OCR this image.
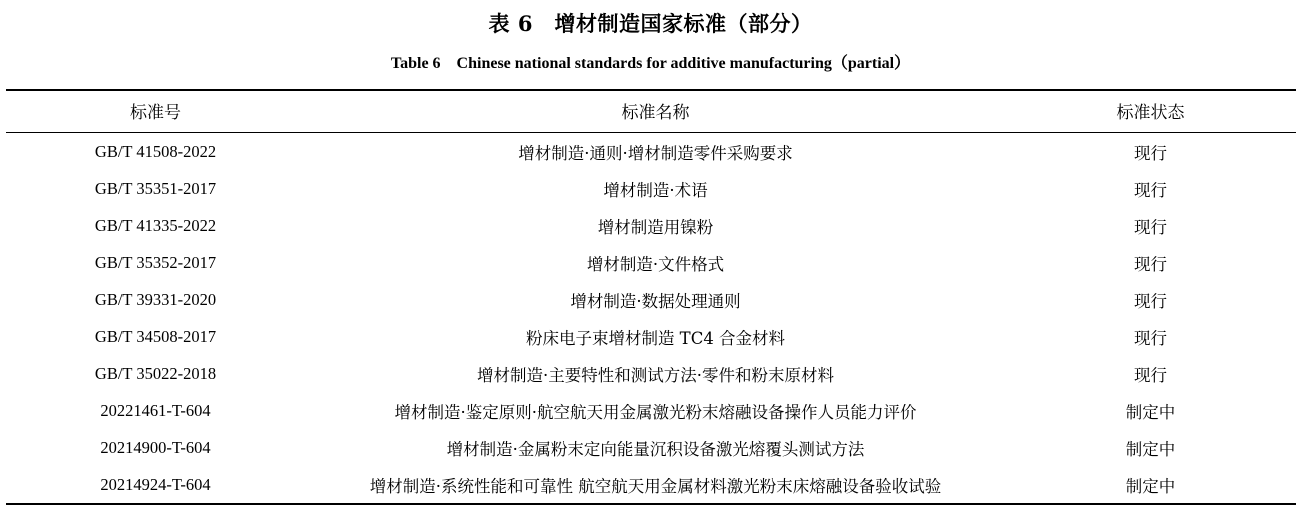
表 6　增材制造国家标准（部分）
Table 6　Chinese national standards for additive manufacturing（partial）
标准号	标准名称	标准状态
GB/T 41508-2022	增材制造·通则·增材制造零件采购要求	现行
GB/T 35351-2017	增材制造·术语	现行
GB/T 41335-2022	增材制造用镍粉	现行
GB/T 35352-2017	增材制造·文件格式	现行
GB/T 39331-2020	增材制造·数据处理通则	现行
GB/T 34508-2017	粉床电子束增材制造 TC4 合金材料	现行
GB/T 35022-2018	增材制造·主要特性和测试方法·零件和粉末原材料	现行
20221461-T-604	增材制造·鉴定原则·航空航天用金属激光粉末熔融设备操作人员能力评价	制定中
20214900-T-604	增材制造·金属粉末定向能量沉积设备激光熔覆头测试方法	制定中
20214924-T-604	增材制造·系统性能和可靠性 航空航天用金属材料激光粉末床熔融设备验收试验	制定中
